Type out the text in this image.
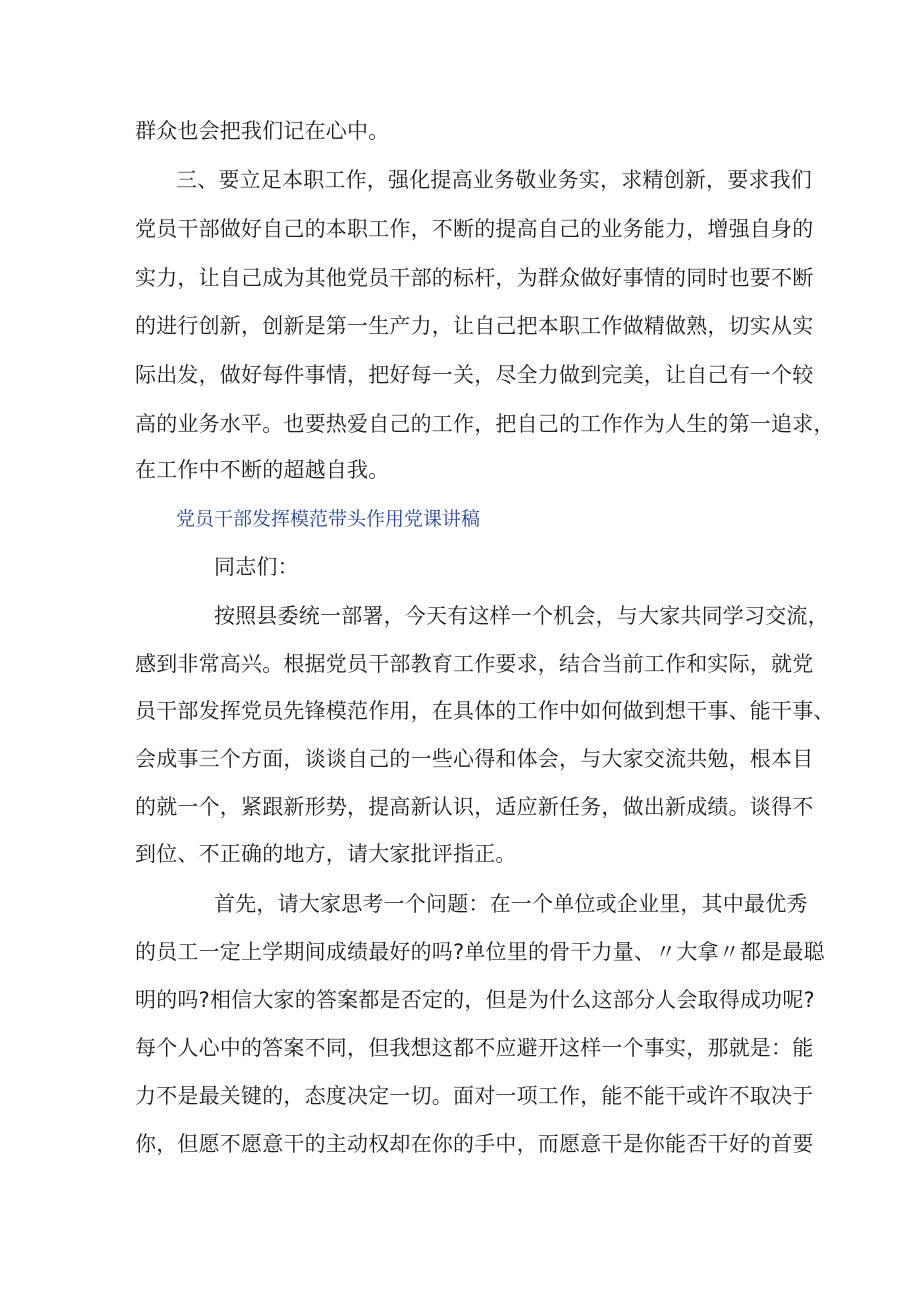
群众也会把我们记在心中。
三、要立足本职工作，强化提高业务敬业务实，求精创新，要求我们
党员干部做好自己的本职工作，不断的提高自己的业务能力，增强自身的
实力，让自己成为其他党员干部的标杆，为群众做好事情的同时也要不断
的进行创新，创新是第一生产力，让自己把本职工作做精做熟，切实从实
际出发，做好每件事情，把好每一关，尽全力做到完美，让自己有一个较
高的业务水平。也要热爱自己的工作，把自己的工作作为人生的第一追求，
在工作中不断的超越自我。
党员干部发挥模范带头作用党课讲稿
同志们：
按照县委统一部署，今天有这样一个机会，与大家共同学习交流，
感到非常高兴。根据党员干部教育工作要求，结合当前工作和实际，就党
员干部发挥党员先锋模范作用，在具体的工作中如何做到想干事、能干事、
会成事三个方面，谈谈自己的一些心得和体会，与大家交流共勉，根本目
的就一个，紧跟新形势，提高新认识，适应新任务，做出新成绩。谈得不
到位、不正确的地方，请大家批评指正。
首先，请大家思考一个问题：在一个单位或企业里，其中最优秀
的员工一定上学期间成绩最好的吗?单位里的骨干力量、〃大拿〃都是最聪
明的吗?相信大家的答案都是否定的，但是为什么这部分人会取得成功呢?
每个人心中的答案不同，但我想这都不应避开这样一个事实，那就是：能
力不是最关键的，态度决定一切。面对一项工作，能不能干或许不取决于
你，但愿不愿意干的主动权却在你的手中，而愿意干是你能否干好的首要
